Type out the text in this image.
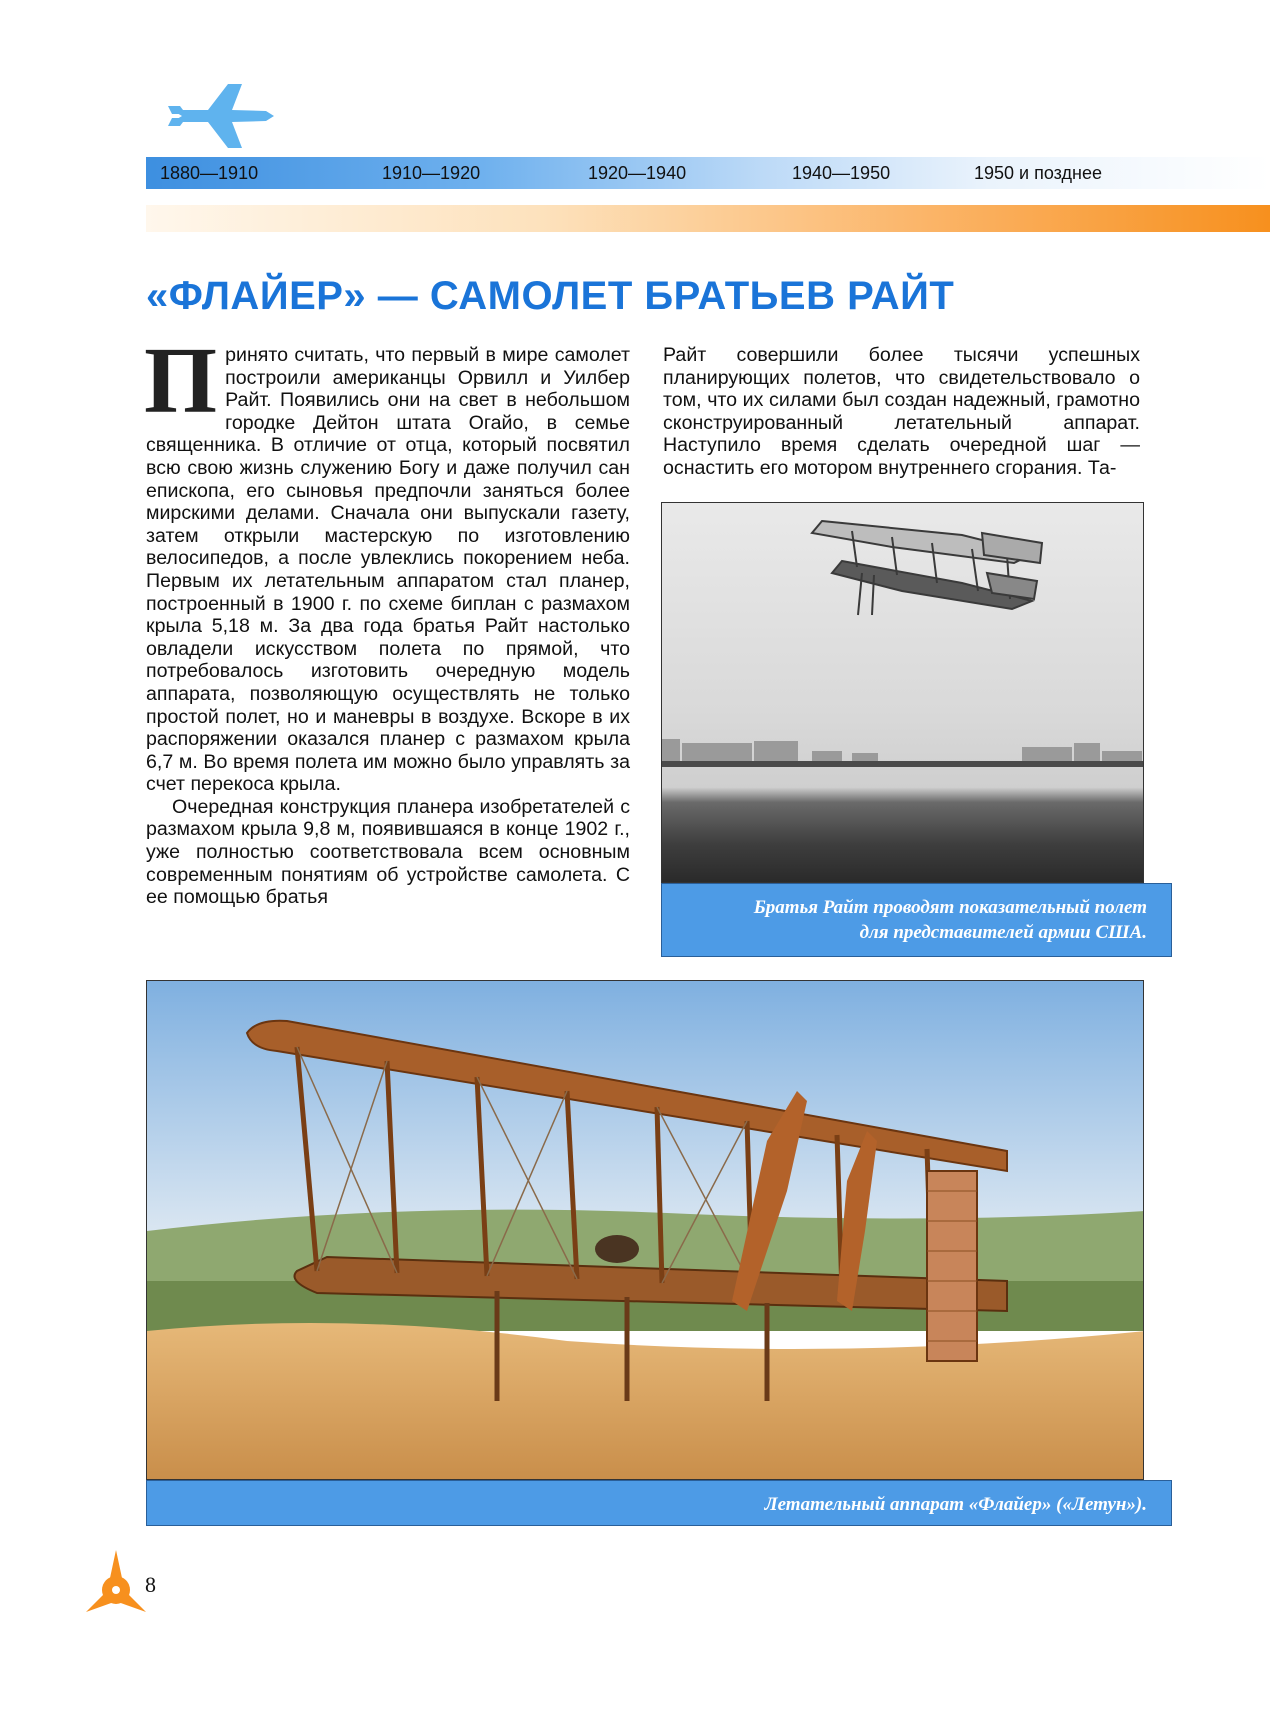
1880—1910	1910—1920	1920—1940	1940—1950	1950 и позднее
«ФЛАЙЕР» — САМОЛЕТ БРАТЬЕВ РАЙТ

Принято считать, что первый в мире самолет построили американцы Орвилл и Уилбер Райт. Появились они на свет в небольшом городке Дейтон штата Огайо, в семье священника. В отличие от отца, который посвятил всю свою жизнь служению Богу и даже получил сан епископа, его сыновья предпочли заняться более мирскими делами. Сначала они выпускали газету, затем открыли мастерскую по изготовлению велосипедов, а после увлеклись покорением неба. Первым их летательным аппаратом стал планер, построенный в 1900 г. по схеме биплан с размахом крыла 5,18 м. За два года братья Райт настолько овладели искусством полета по прямой, что потребовалось изготовить очередную модель аппарата, позволяющую осуществлять не только простой полет, но и маневры в воздухе. Вскоре в их распоряжении оказался планер с размахом крыла 6,7 м. Во время полета им можно было управлять за счет перекоса крыла.

Очередная конструкция планера изобретателей с размахом крыла 9,8 м, появившаяся в конце 1902 г., уже полностью соответствовала всем основным современным понятиям об устройстве самолета. С ее помощью братья

Райт совершили более тысячи успешных планирующих полетов, что свидетельствовало о том, что их силами был создан надежный, грамотно сконструированный летательный аппарат. Наступило время сделать очередной шаг — оснастить его мотором внутреннего сгорания. Та-

Братья Райт проводят показательный полет
для представителей армии США.
Летательный аппарат «Флайер» («Летун»).
8
